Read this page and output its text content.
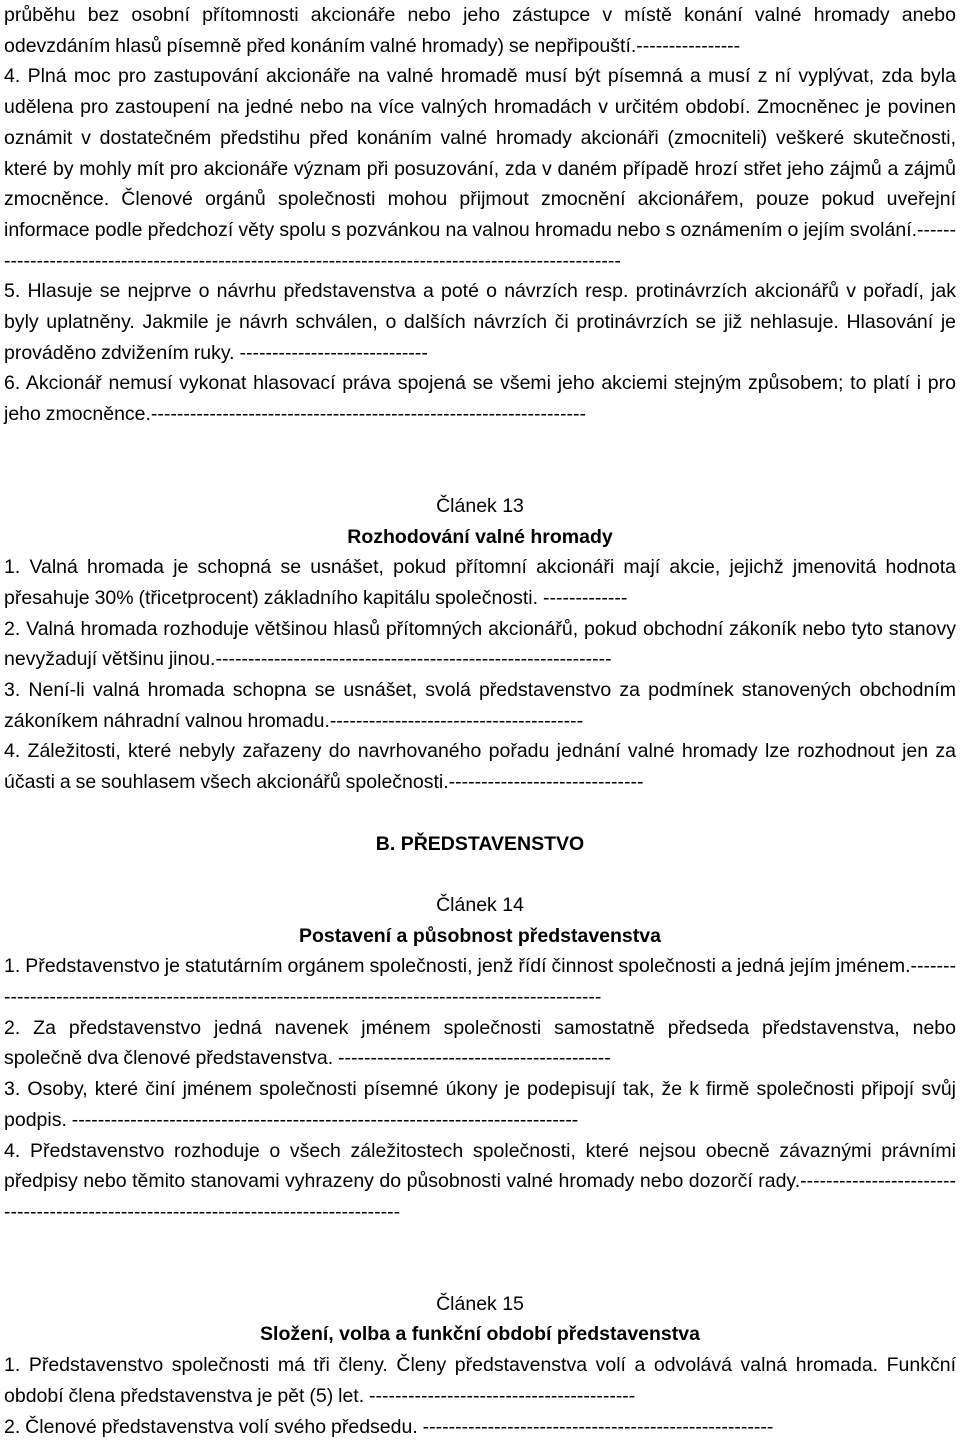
průběhu bez osobní přítomnosti akcionáře nebo jeho zástupce v místě konání valné hromady anebo odevzdáním hlasů písemně před konáním valné hromady) se nepřipouští.----------------

4. Plná moc pro zastupování akcionáře na valné hromadě musí být písemná a musí z ní vyplývat, zda byla udělena pro zastoupení na jedné nebo na více valných hromadách v určitém období. Zmocněnec je povinen oznámit v dostatečném předstihu před konáním valné hromady akcionáři (zmocniteli) veškeré skutečnosti, které by mohly mít pro akcionáře význam při posuzování, zda v daném případě hrozí střet jeho zájmů a zájmů zmocněnce. Členové orgánů společnosti mohou přijmout zmocnění akcionářem, pouze pokud uveřejní informace podle předchozí věty spolu s pozvánkou na valnou hromadu nebo s oznámením o jejím svolání.-----------------------------------------------------------------------------------------------------

5. Hlasuje se nejprve o návrhu představenstva a poté o návrzích resp. protinávrzích akcionářů v pořadí, jak byly uplatněny. Jakmile je návrh schválen, o dalších návrzích či protinávrzích se již nehlasuje. Hlasování je prováděno zdvižením ruky. -----------------------------

6. Akcionář nemusí vykonat hlasovací práva spojená se všemi jeho akciemi stejným způsobem; to platí i pro jeho zmocněnce.-------------------------------------------------------------------

Článek 13
Rozhodování valné hromady

1. Valná hromada je schopná se usnášet, pokud přítomní akcionáři mají akcie, jejichž jmenovitá hodnota přesahuje 30% (třicetprocent) základního kapitálu společnosti. -------------

2. Valná hromada rozhoduje většinou hlasů přítomných akcionářů, pokud obchodní zákoník nebo tyto stanovy nevyžadují většinu jinou.-------------------------------------------------------------

3. Není-li valná hromada schopna se usnášet, svolá představenstvo za podmínek stanovených obchodním zákoníkem náhradní valnou hromadu.---------------------------------------

4. Záležitosti, které nebyly zařazeny do navrhovaného pořadu jednání valné hromady lze rozhodnout jen za účasti a se souhlasem všech akcionářů společnosti.------------------------------

B. PŘEDSTAVENSTVO
Článek 14
Postavení a působnost představenstva

1. Představenstvo je statutárním orgánem společnosti, jenž řídí činnost společnosti a jedná jejím jménem.---------------------------------------------------------------------------------------------------

2. Za představenstvo jedná navenek jménem společnosti samostatně předseda představenstva, nebo společně dva členové představenstva. ------------------------------------------

3. Osoby, které činí jménem společnosti písemné úkony je podepisují tak, že k firmě společnosti připojí svůj podpis. ------------------------------------------------------------------------------

4. Představenstvo rozhoduje o všech záležitostech společnosti, které nejsou obecně závaznými právními předpisy nebo těmito stanovami vyhrazeny do působnosti valné hromady nebo dozorčí rady.-------------------------------------------------------------------------------------

Článek 15
Složení, volba a funkční období představenstva

1. Představenstvo společnosti má tři členy. Členy představenstva volí a odvolává valná hromada. Funkční období člena představenstva je pět (5) let. -----------------------------------------

2. Členové představenstva volí svého předsedu. ------------------------------------------------------
